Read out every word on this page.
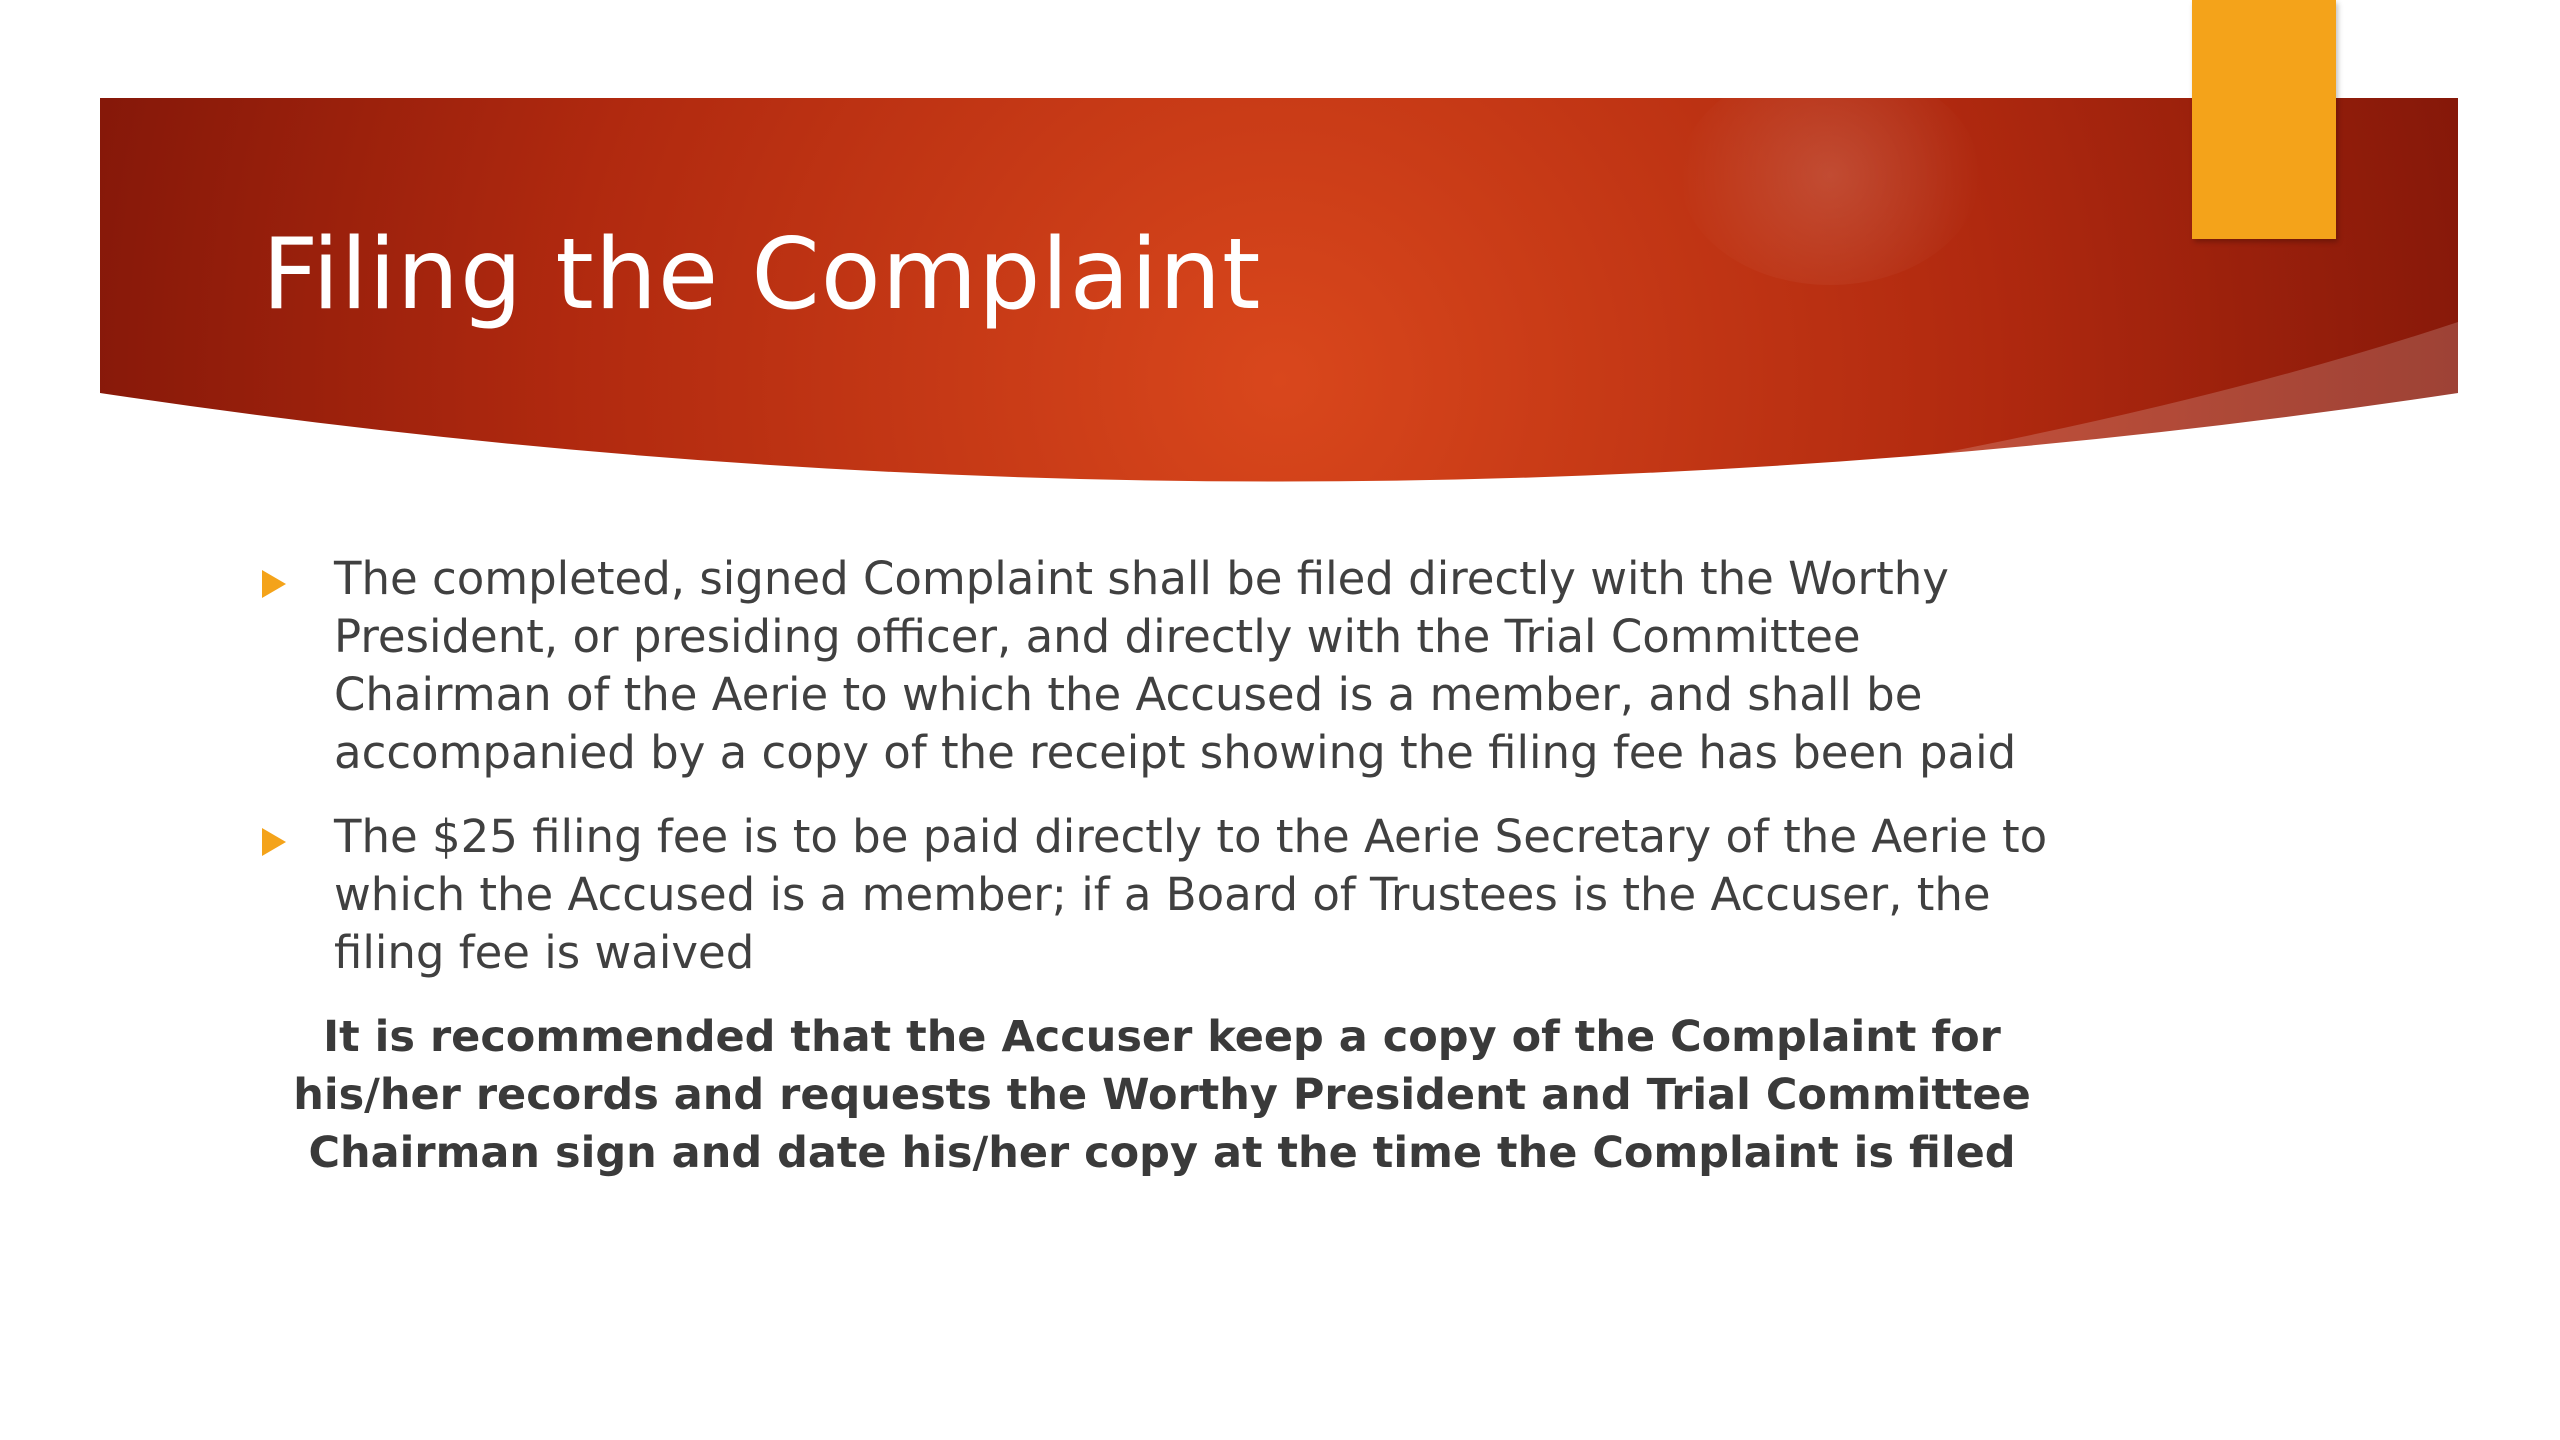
Filing the Complaint
The completed, signed Complaint shall be filed directly with the Worthy President, or presiding officer, and directly with the Trial Committee Chairman of the Aerie to which the Accused is a member, and shall be accompanied by a copy of the receipt showing the filing fee has been paid
The $25 filing fee is to be paid directly to the Aerie Secretary of the Aerie to which the Accused is a member; if a Board of Trustees is the Accuser, the filing fee is waived
It is recommended that the Accuser keep a copy of the Complaint for his/her records and requests the Worthy President and Trial Committee Chairman sign and date his/her copy at the time the Complaint is filed
